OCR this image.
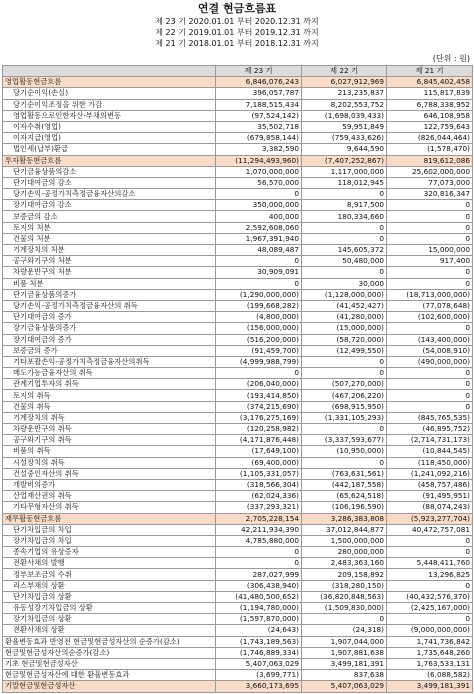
연결 현금흐름표
제 23 기 2020.01.01 부터 2020.12.31 까지
제 22 기 2019.01.01 부터 2019.12.31 까지
제 21 기 2018.01.01 부터 2018.12.31 까지
(단위 : 원)
	제 23 기	제 22 기	제 21 기
영업활동현금흐름	6,846,076,243	6,027,912,969	6,845,402,458
당기순이익(손실)	396,057,787	213,235,837	115,817,839
당기순이익조정을 위한 가감	7,188,515,434	8,202,553,752	6,788,338,952
영업활동으로인한자산·부채의변동	(97,524,142)	(1,698,039,433)	646,108,958
이자수취(영업)	35,502,718	59,951,849	122,759,643
이자지급(영업)	(679,858,144)	(759,433,626)	(826,044,464)
법인세(납부)환급	3,382,590	9,644,590	(1,578,470)
투자활동현금흐름	(11,294,493,960)	(7,407,252,867)	819,612,086
단기금융상품의감소	1,070,000,000	1,117,000,000	25,602,000,000
단기대여금의 감소	56,570,000	118,012,945	77,073,000
당기손익-공정가치측정금융자산의감소	0	0	320,816,347
장기대여금의 감소	350,000,000	8,917,500	0
보증금의 감소	400,000	180,334,660	0
토지의 처분	2,592,608,060	0	0
건물의 처분	1,967,391,940	0	0
기계장치의 처분	48,089,487	145,605,372	15,000,000
공구와기구의 처분	0	50,480,000	917,400
차량운반구의 처분	30,909,091	0	0
비품 처분	0	30,000	0
단기금융상품의증가	(1,290,000,000)	(1,128,000,000)	(18,713,000,000)
당기손익-공정가치측정금융자산의 취득	(199,668,282)	(41,452,427)	(77,078,648)
단기대여금의 증가	(4,800,000)	(41,280,000)	(102,600,000)
장기금융상품의증가	(156,000,000)	(15,000,000)	0
장기대여금의 증가	(516,200,000)	(58,720,000)	(143,400,000)
보증금의 증가	(91,459,700)	(12,499,550)	(54,008,910)
기타포괄손익-공정가치측정금융자산의취득	(4,999,988,799)	0	(490,000,000)
매도가능금융자산의 취득	0	0	0
관계기업투자의 취득	(206,040,000)	(507,270,000)	0
토지의 취득	(193,414,850)	(467,206,220)	0
건물의 취득	(374,215,690)	(698,915,950)	0
기계장치의 취득	(3,176,275,169)	(1,331,105,293)	(845,765,535)
차량운반구의 취득	(120,258,982)	0	(46,895,752)
공구와기구의 취득	(4,171,876,448)	(3,337,593,677)	(2,714,731,173)
비품의 취득	(17,649,100)	(10,950,000)	(10,844,545)
시설장치의 취득	(69,400,000)	0	(118,450,000)
건설중인자산의 취득	(1,105,331,057)	(763,631,561)	(1,241,092,216)
개발비의증가	(318,566,304)	(442,187,558)	(458,757,486)
산업재산권의 취득	(62,024,336)	(65,624,518)	(91,495,951)
기타무형자산의 취득	(337,293,321)	(106,196,590)	(88,074,243)
재무활동현금흐름	2,705,228,154	3,286,383,808	(5,923,277,704)
단기차입금의 차입	42,211,934,390	37,012,844,877	40,472,757,081
장기차입금의 차입	4,785,880,000	1,500,000,000	0
종속기업의 유상증자	0	280,000,000	0
전환사채의 발행	0	2,483,363,160	5,448,411,760
정부보조금의 수취	287,027,999	209,158,892	13,296,825
리스부채의 상환	(306,438,940)	(318,280,150)	0
단기차입금의 상환	(41,480,500,652)	(36,820,848,563)	(40,432,576,370)
유동성장기차입금의 상환	(1,194,780,000)	(1,509,830,000)	(2,425,167,000)
장기차입금의 상환	(1,597,870,000)	0	0
전환사채의 상환	(24,643)	(24,318)	(9,000,000,000)
환율변동효과 반영전 현금및현금성자산의 순증가(감소)	(1,743,189,563)	1,907,044,000	1,741,736,842
현금및현금성자산의순증가(감소)	(1,746,889,334)	1,907,881,638	1,735,648,260
기초 현금및현금성자산	5,407,063,029	3,499,181,391	1,763,533,131
현금및현금성자산에 대한 환율변동효과	(3,699,771)	837,638	(6,088,582)
기말현금및현금성자산	3,660,173,695	5,407,063,029	3,499,181,391
